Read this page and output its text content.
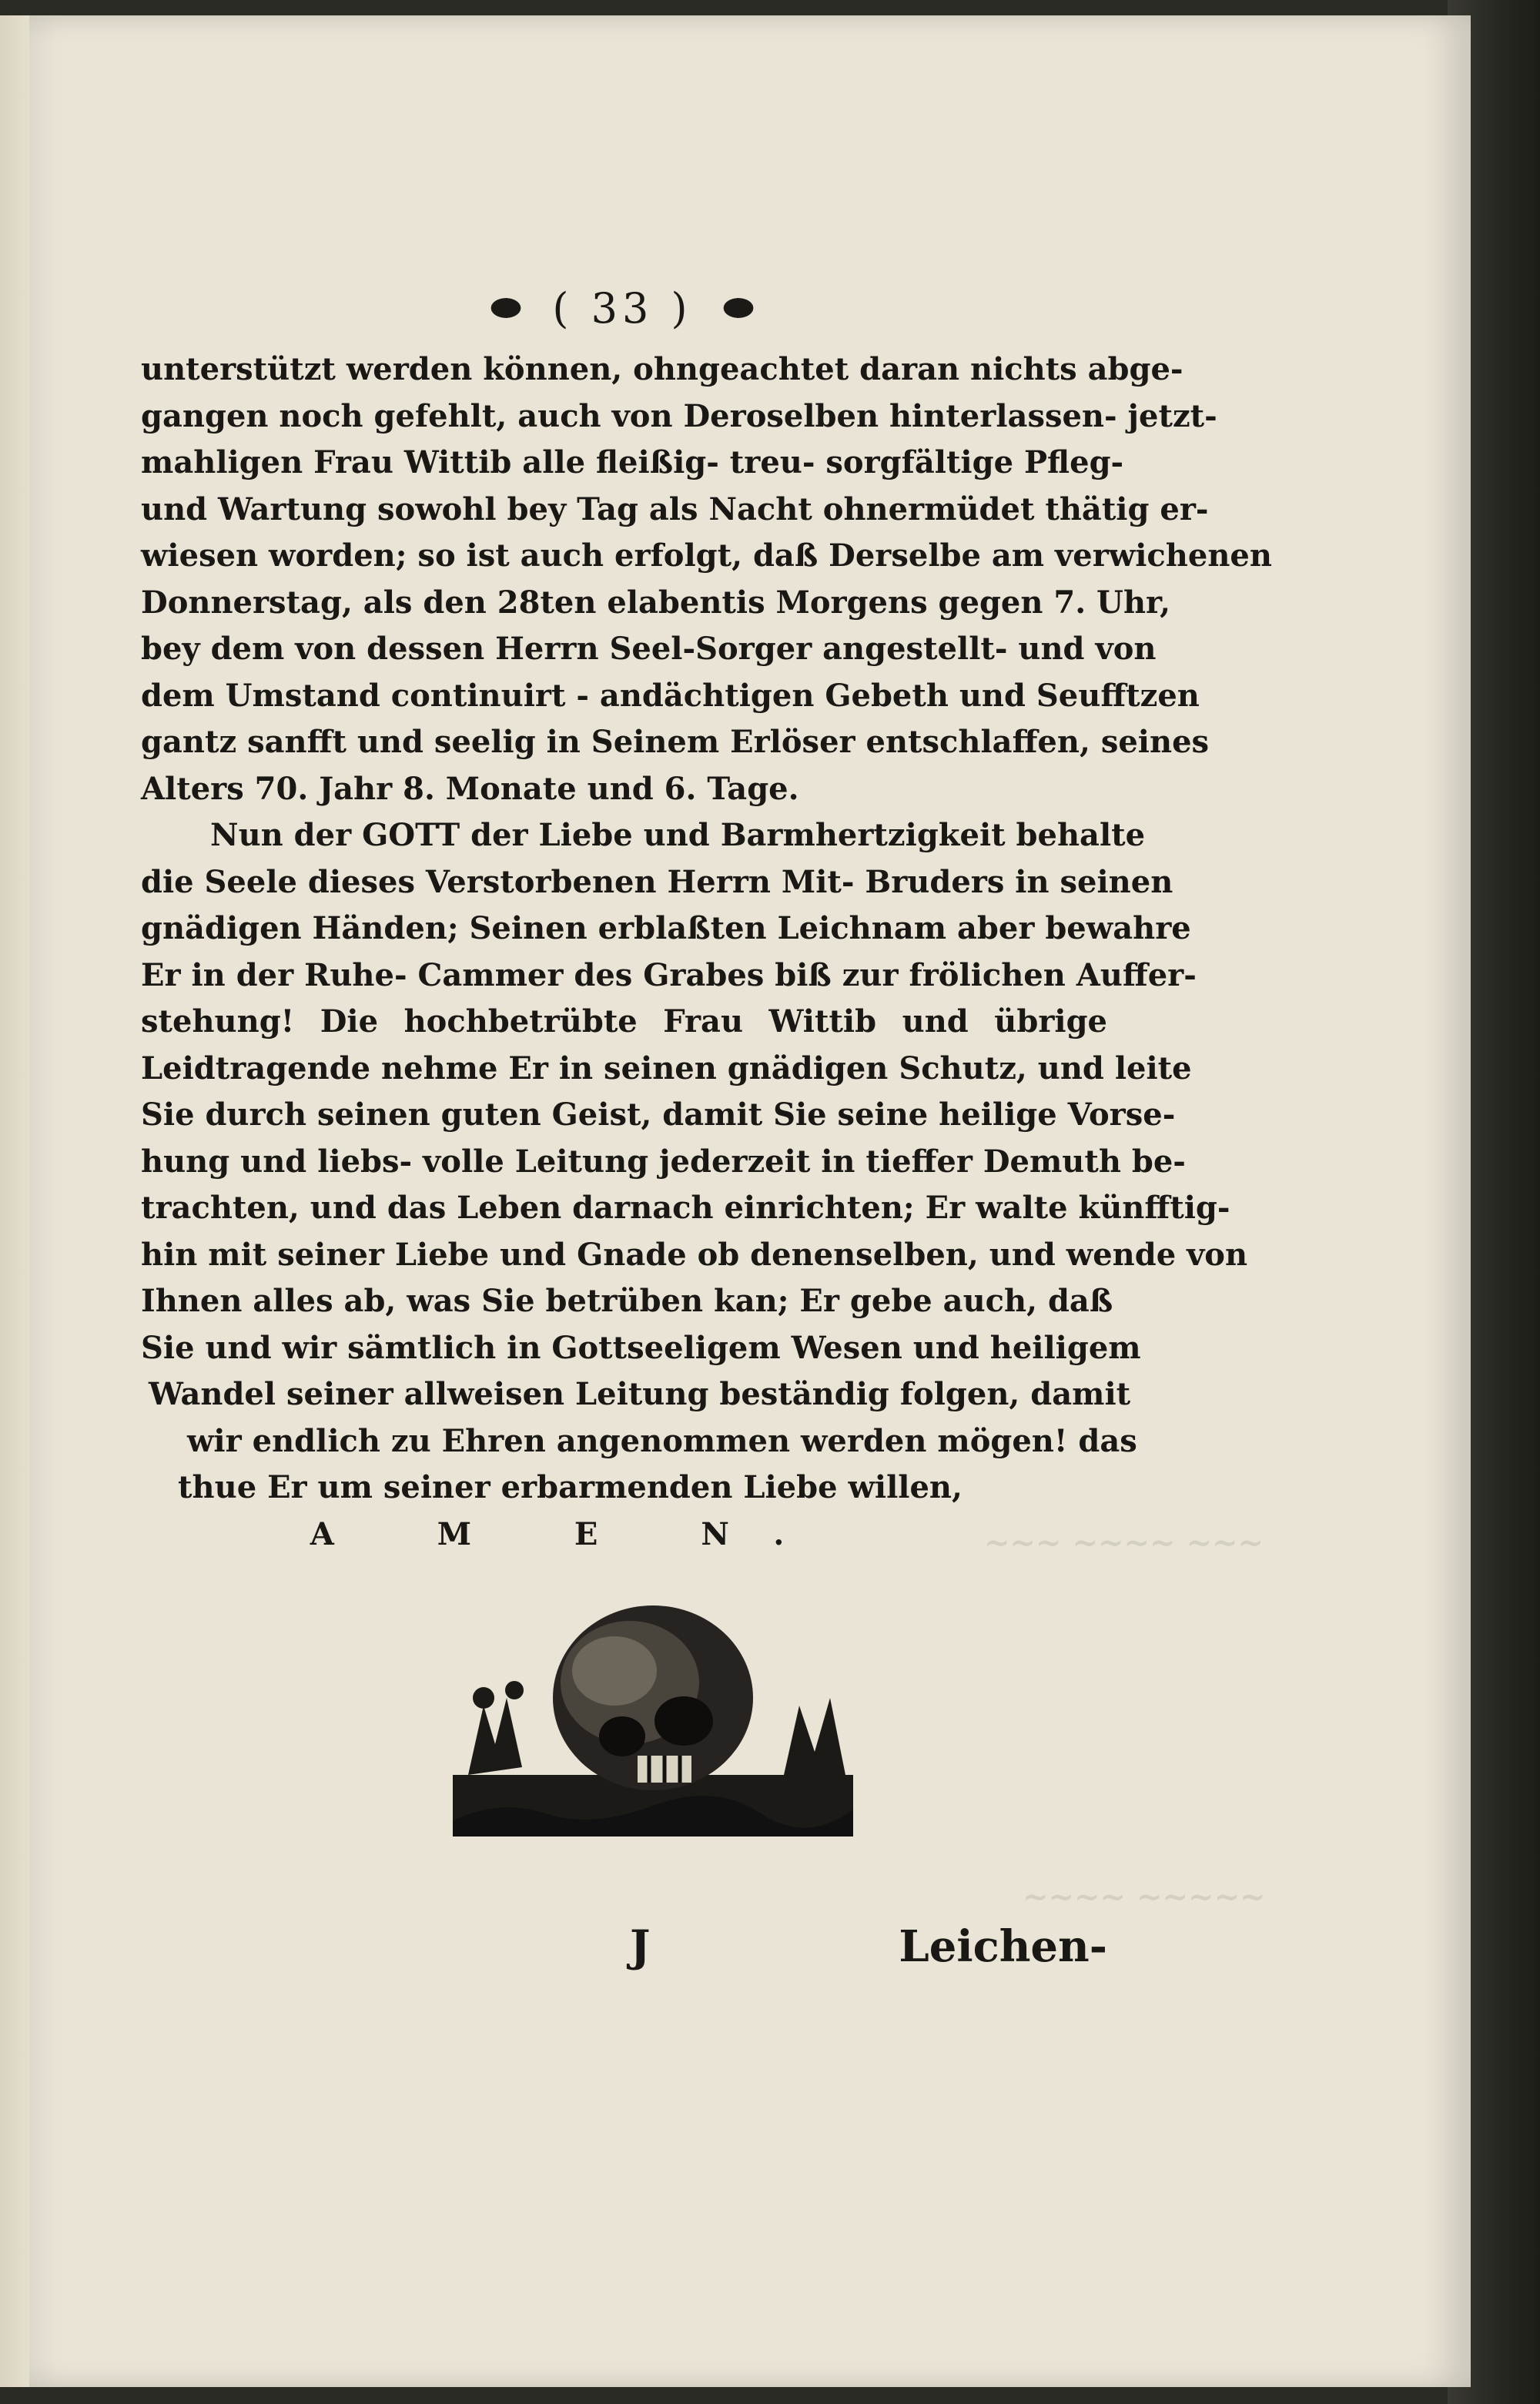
~~~ ~~~~ ~~~
~~~~ ~~~~~
( 33 )
unterstützt werden können, ohngeachtet daran nichts abge-
gangen noch gefehlt, auch von Deroselben hinterlassen- jetzt-
mahligen Frau Wittib alle fleißig- treu- sorgfältige Pfleg-
und Wartung sowohl bey Tag als Nacht ohnermüdet thätig er-
wiesen worden; so ist auch erfolgt, daß Derselbe am verwichenen
Donnerstag, als den 28ten elabentis Morgens gegen 7. Uhr,
bey dem von dessen Herrn Seel-Sorger angestellt- und von
dem Umstand continuirt - andächtigen Gebeth und Seufftzen
gantz sanfft und seelig in Seinem Erlöser entschlaffen, seines
Alters 70. Jahr 8. Monate und 6. Tage.
Nun der GOTT der Liebe und Barmhertzigkeit behalte
die Seele dieses Verstorbenen Herrn Mit- Bruders in seinen
gnädigen Händen; Seinen erblaßten Leichnam aber bewahre
Er in der Ruhe- Cammer des Grabes biß zur frölichen Auffer-
stehung! Die hochbetrübte Frau Wittib und übrige
Leidtragende nehme Er in seinen gnädigen Schutz, und leite
Sie durch seinen guten Geist, damit Sie seine heilige Vorse-
hung und liebs- volle Leitung jederzeit in tieffer Demuth be-
trachten, und das Leben darnach einrichten; Er walte künfftig-
hin mit seiner Liebe und Gnade ob denenselben, und wende von
Ihnen alles ab, was Sie betrüben kan; Er gebe auch, daß
Sie und wir sämtlich in Gottseeligem Wesen und heiligem
Wandel seiner allweisen Leitung beständig folgen, damit
wir endlich zu Ehren angenommen werden mögen! das
thue Er um seiner erbarmenden Liebe willen,
A M E N.
J	Leichen-
